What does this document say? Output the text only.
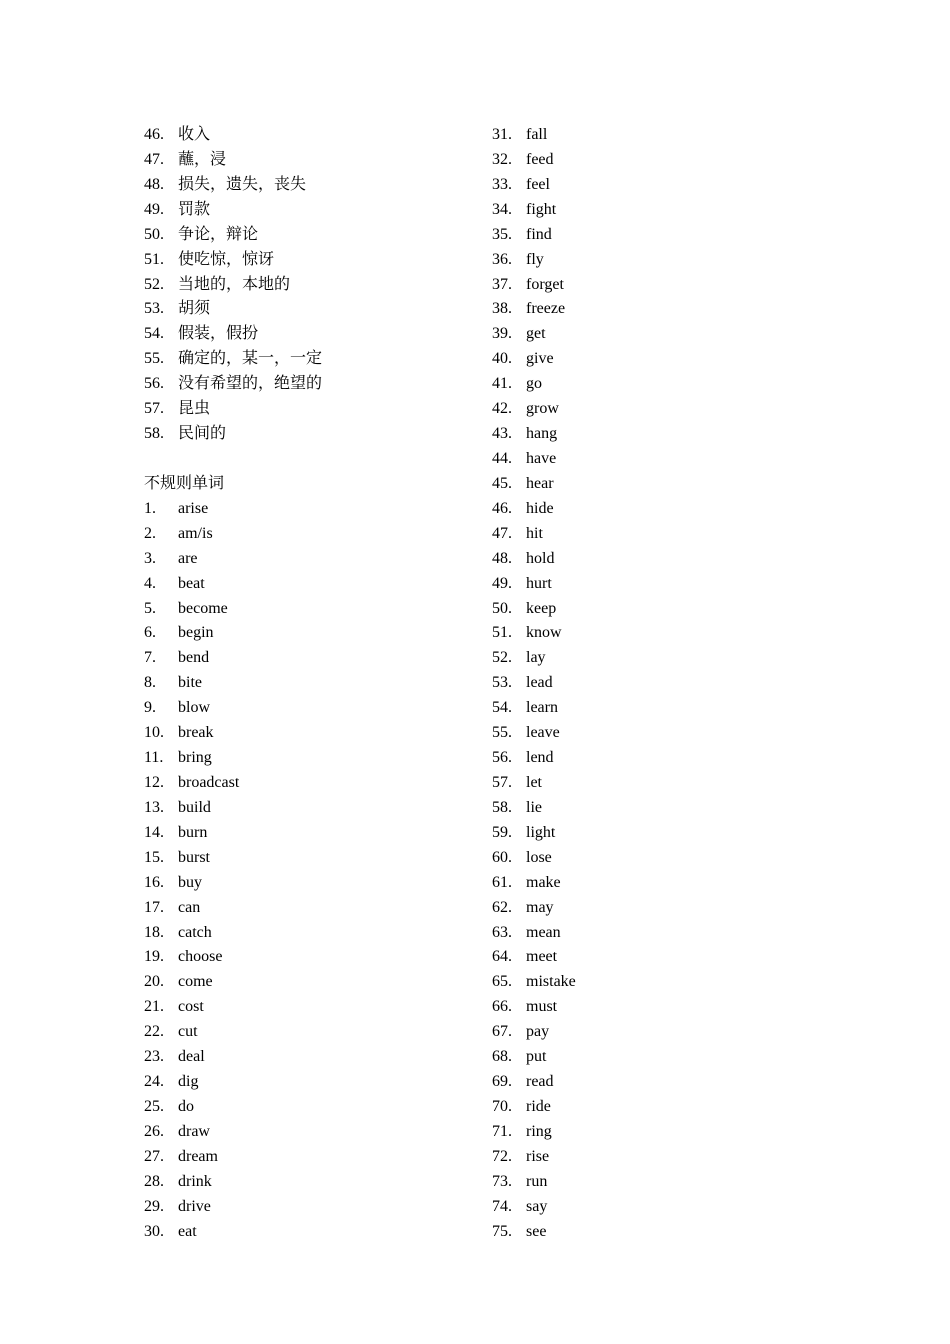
46. 收入
47. 蘸，浸
48. 损失，遗失，丧失
49. 罚款
50. 争论，辩论
51. 使吃惊，惊讶
52. 当地的，本地的
53. 胡须
54. 假装，假扮
55. 确定的，某一，一定
56. 没有希望的，绝望的
57. 昆虫
58. 民间的
不规则单词
1. arise
2. am/is
3. are
4. beat
5. become
6. begin
7. bend
8. bite
9. blow
10. break
11. bring
12. broadcast
13. build
14. burn
15. burst
16. buy
17. can
18. catch
19. choose
20. come
21. cost
22. cut
23. deal
24. dig
25. do
26. draw
27. dream
28. drink
29. drive
30. eat
31. fall
32. feed
33. feel
34. fight
35. find
36. fly
37. forget
38. freeze
39. get
40. give
41. go
42. grow
43. hang
44. have
45. hear
46. hide
47. hit
48. hold
49. hurt
50. keep
51. know
52. lay
53. lead
54. learn
55. leave
56. lend
57. let
58. lie
59. light
60. lose
61. make
62. may
63. mean
64. meet
65. mistake
66. must
67. pay
68. put
69. read
70. ride
71. ring
72. rise
73. run
74. say
75. see
